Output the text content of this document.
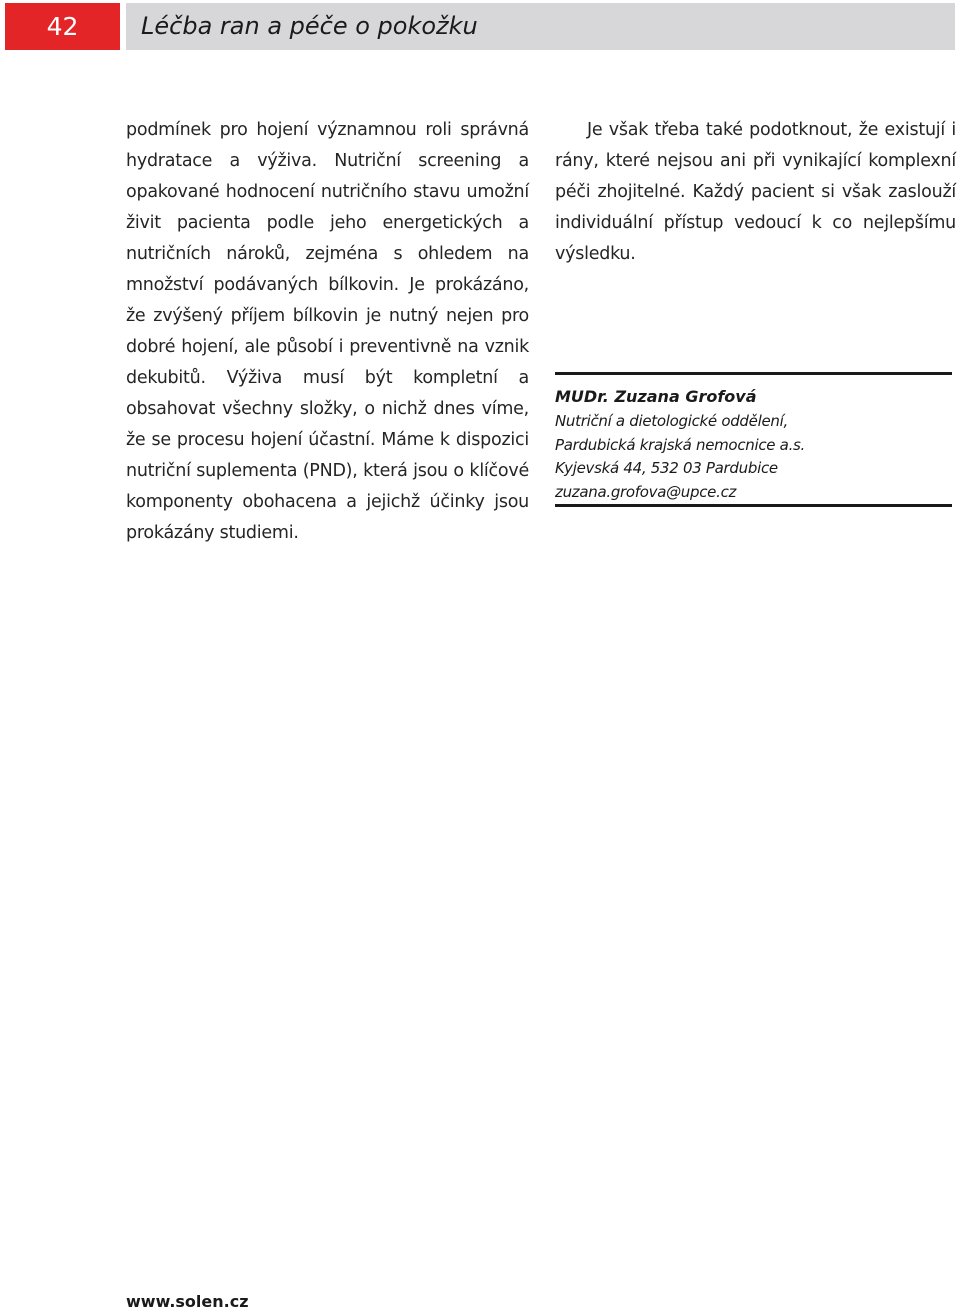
42	Léčba ran a péče o pokožku

podmínek pro hojení významnou roli správná hydratace a výživa. Nutriční screening a opakované hodnocení nutričního stavu umožní živit pacienta podle jeho energetických a nutričních nároků, zejména s ohledem na množství podávaných bílkovin. Je prokázáno, že zvýšený příjem bílkovin je nutný nejen pro dobré hojení, ale působí i preventivně na vznik dekubitů. Výživa musí být kompletní a obsahovat všechny složky, o nichž dnes víme, že se procesu hojení účastní. Máme k dispozici nutriční suplementa (PND), která jsou o klíčové komponenty obohacena a jejichž účinky jsou prokázány studiemi.

Je však třeba také podotknout, že existují i rány, které nejsou ani při vynikající komplexní péči zhojitelné. Každý pacient si však zaslouží individuální přístup vedoucí k co nejlepšímu výsledku.

MUDr. Zuzana Grofová

Nutriční a dietologické oddělení,

Pardubická krajská nemocnice a.s.

Kyjevská 44, 532 03 Pardubice

zuzana.grofova@upce.cz

www.solen.cz
